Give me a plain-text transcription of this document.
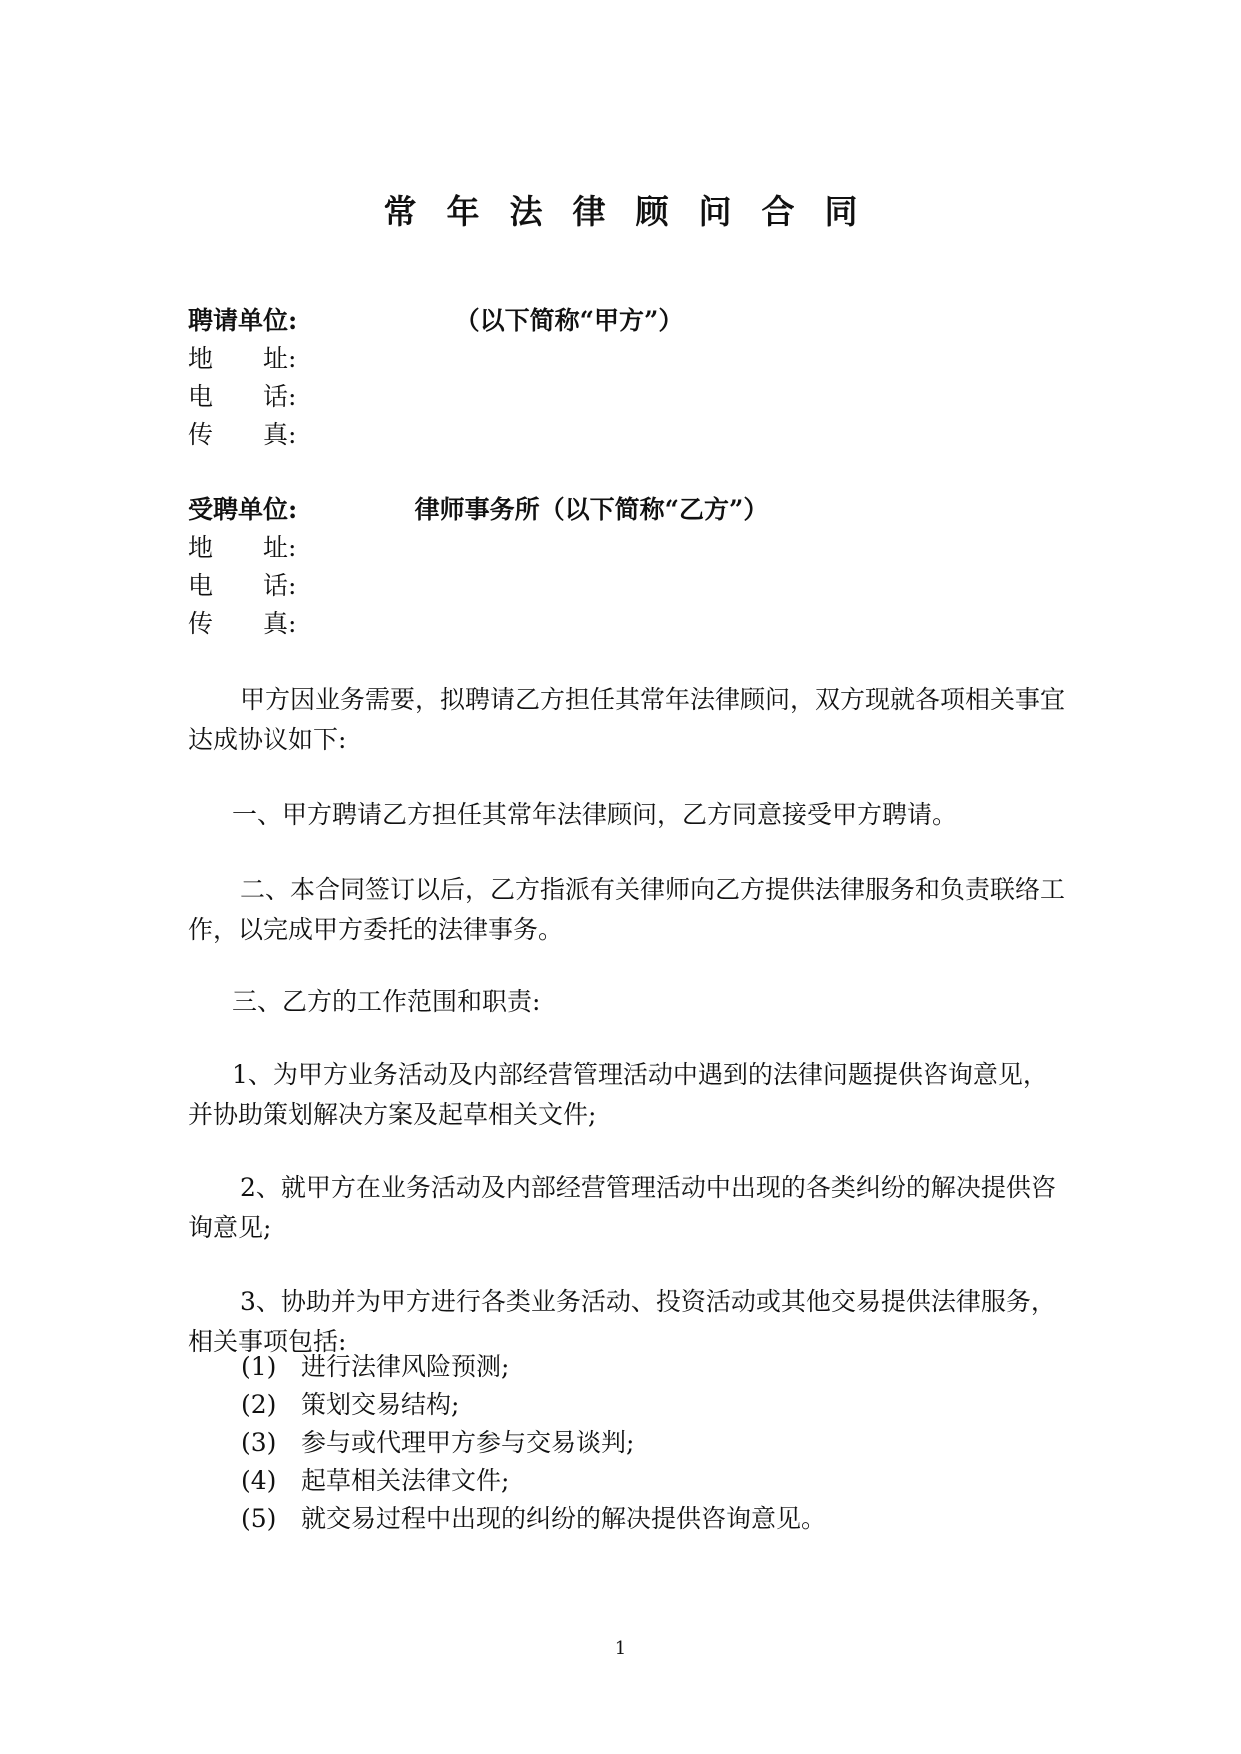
常年法律顾问合同
聘请单位:	（以下简称“甲方”）
地址:
电话:
传真:
受聘单位:	律师事务所（以下简称“乙方”）
地址:
电话:
传真:
甲方因业务需要，拟聘请乙方担任其常年法律顾问，双方现就各项相关事宜达成协议如下:
一、甲方聘请乙方担任其常年法律顾问，乙方同意接受甲方聘请。
二、本合同签订以后，乙方指派有关律师向乙方提供法律服务和负责联络工作，以完成甲方委托的法律事务。
三、乙方的工作范围和职责:
1、为甲方业务活动及内部经营管理活动中遇到的法律问题提供咨询意见，并协助策划解决方案及起草相关文件;
2、就甲方在业务活动及内部经营管理活动中出现的各类纠纷的解决提供咨询意见;
3、协助并为甲方进行各类业务活动、投资活动或其他交易提供法律服务，相关事项包括:
(1) 进行法律风险预测;
(2) 策划交易结构;
(3) 参与或代理甲方参与交易谈判;
(4) 起草相关法律文件;
(5) 就交易过程中出现的纠纷的解决提供咨询意见。
1
